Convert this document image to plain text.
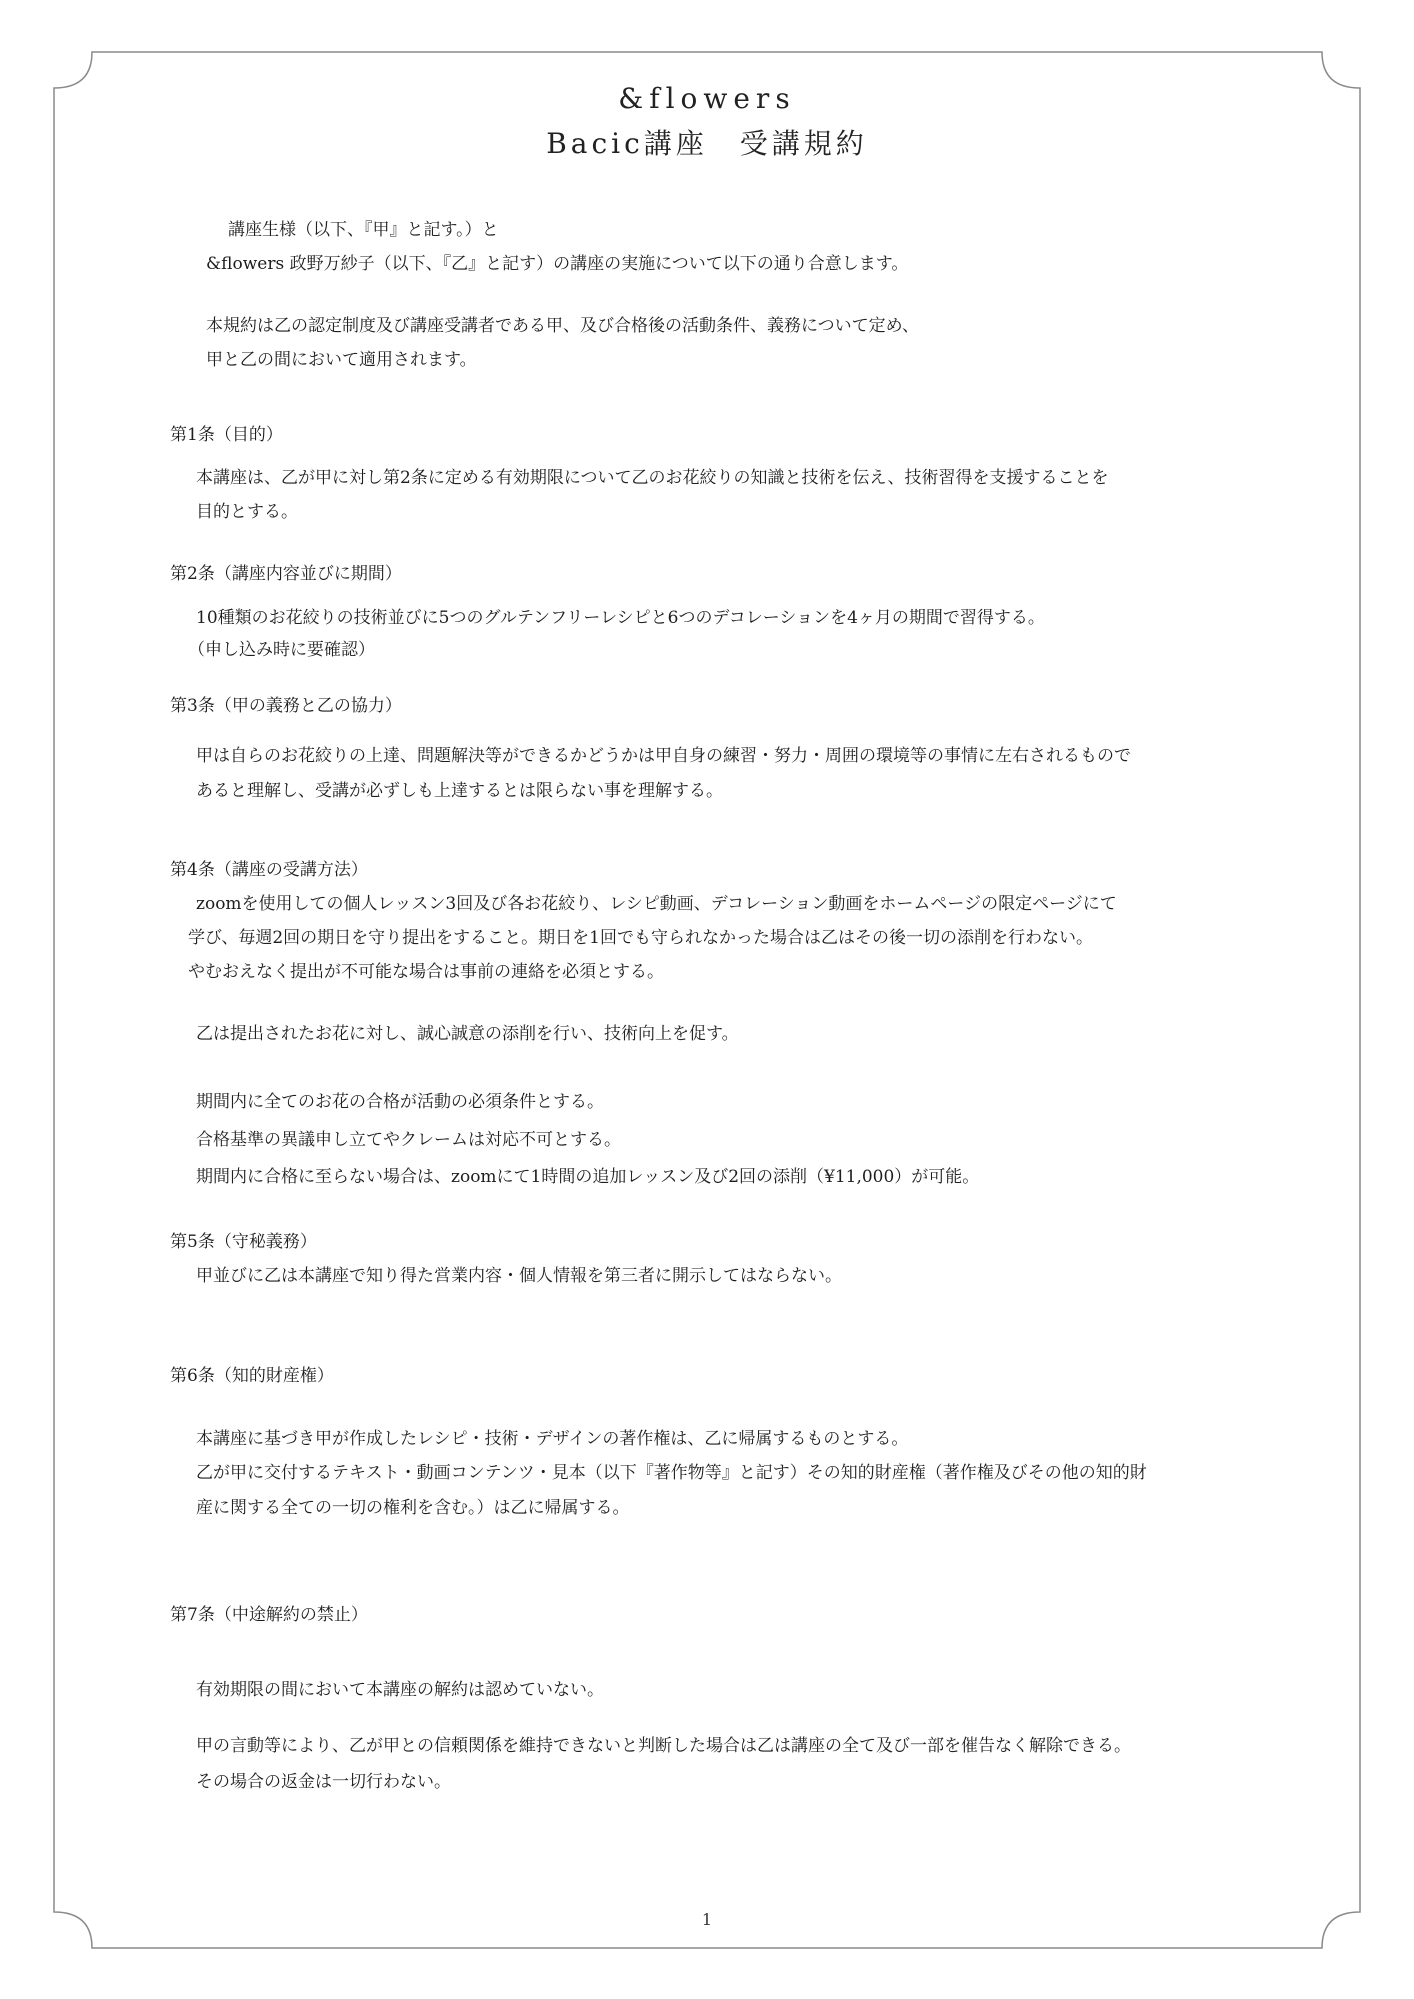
&flowers
Bacic講座　受講規約
講座生様（以下、『甲』と記す。）と
&flowers 政野万紗子（以下、『乙』と記す）の講座の実施について以下の通り合意します。
本規約は乙の認定制度及び講座受講者である甲、及び合格後の活動条件、義務について定め、
甲と乙の間において適用されます。
第1条（目的）
本講座は、乙が甲に対し第2条に定める有効期限について乙のお花絞りの知識と技術を伝え、技術習得を支援することを
目的とする。
第2条（講座内容並びに期間）
10種類のお花絞りの技術並びに5つのグルテンフリーレシピと6つのデコレーションを4ヶ月の期間で習得する。
（申し込み時に要確認）
第3条（甲の義務と乙の協力）
甲は自らのお花絞りの上達、問題解決等ができるかどうかは甲自身の練習・努力・周囲の環境等の事情に左右されるもので
あると理解し、受講が必ずしも上達するとは限らない事を理解する。
第4条（講座の受講方法）
zoomを使用しての個人レッスン3回及び各お花絞り、レシピ動画、デコレーション動画をホームページの限定ページにて
学び、毎週2回の期日を守り提出をすること。期日を1回でも守られなかった場合は乙はその後一切の添削を行わない。
やむおえなく提出が不可能な場合は事前の連絡を必須とする。
乙は提出されたお花に対し、誠心誠意の添削を行い、技術向上を促す。
期間内に全てのお花の合格が活動の必須条件とする。
合格基準の異議申し立てやクレームは対応不可とする。
期間内に合格に至らない場合は、zoomにて1時間の追加レッスン及び2回の添削（¥11,000）が可能。
第5条（守秘義務）
甲並びに乙は本講座で知り得た営業内容・個人情報を第三者に開示してはならない。
第6条（知的財産権）
本講座に基づき甲が作成したレシピ・技術・デザインの著作権は、乙に帰属するものとする。
乙が甲に交付するテキスト・動画コンテンツ・見本（以下『著作物等』と記す）その知的財産権（著作権及びその他の知的財
産に関する全ての一切の権利を含む。）は乙に帰属する。
第7条（中途解約の禁止）
有効期限の間において本講座の解約は認めていない。
甲の言動等により、乙が甲との信頼関係を維持できないと判断した場合は乙は講座の全て及び一部を催告なく解除できる。
その場合の返金は一切行わない。
1
